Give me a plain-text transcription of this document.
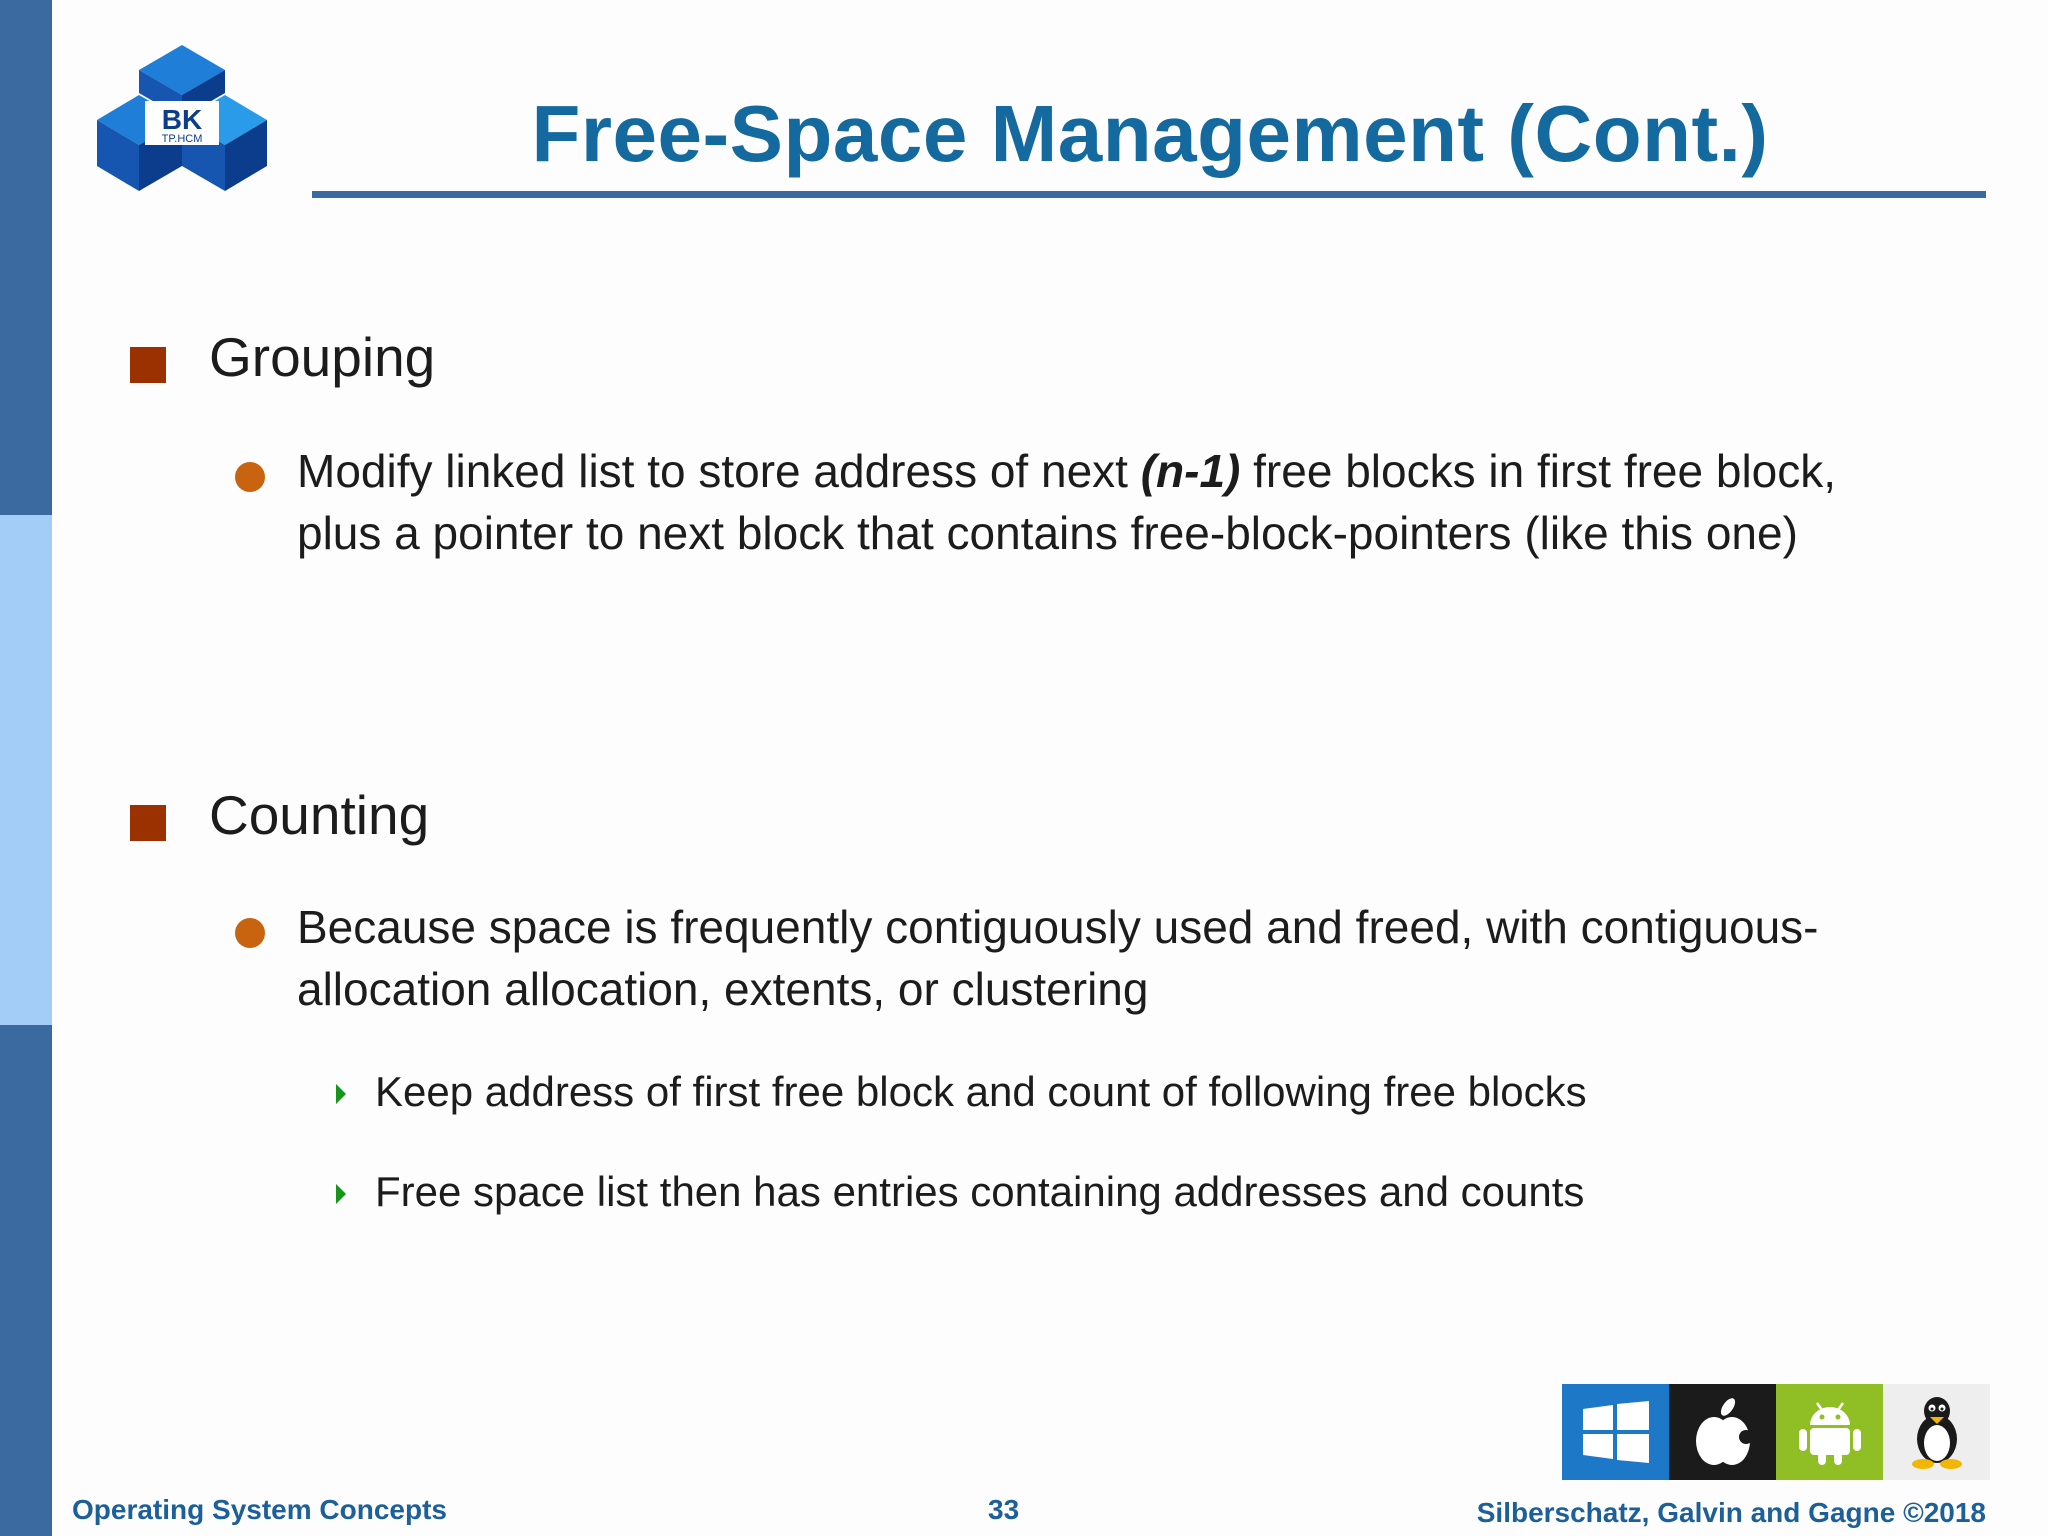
BK
TP.HCM	Free-Space Management (Cont.)
Grouping
Modify linked list to store address of next (n-1) free blocks in first free block, plus a pointer to next block that contains free-block-pointers (like this one)
Counting
Because space is frequently contiguously used and freed, with contiguous-allocation allocation, extents, or clustering
Keep address of first free block and count of following free blocks
Free space list then has entries containing addresses and counts
Operating System Concepts	33	Silberschatz, Galvin and Gagne ©2018
